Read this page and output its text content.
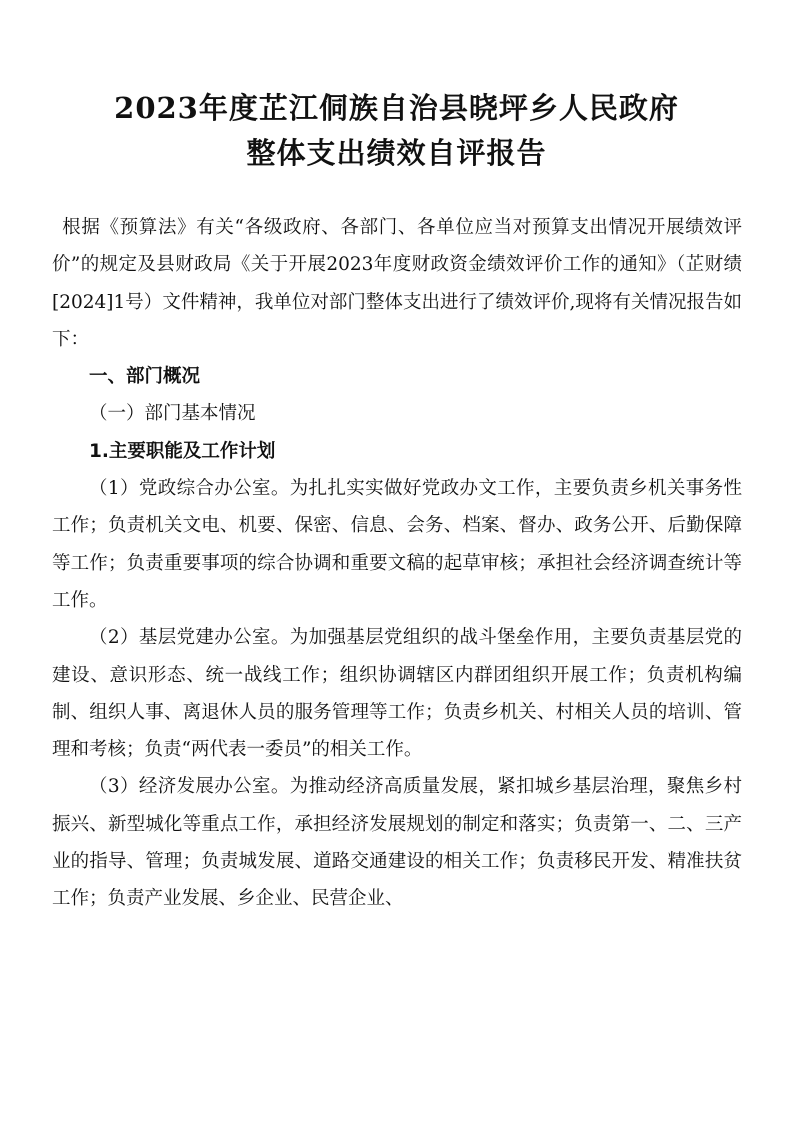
2023年度芷江侗族自治县晓坪乡人民政府
整体支出绩效自评报告

根据《预算法》有关“各级政府、各部门、各单位应当对预算支出情况开展绩效评价”的规定及县财政局《关于开展2023年度财政资金绩效评价工作的通知》（芷财绩[2024]1号）文件精神，我单位对部门整体支出进行了绩效评价,现将有关情况报告如下：

一、部门概况

（一）部门基本情况

1.主要职能及工作计划

（1）党政综合办公室。为扎扎实实做好党政办文工作，主要负责乡机关事务性工作；负责机关文电、机要、保密、信息、会务、档案、督办、政务公开、后勤保障等工作；负责重要事项的综合协调和重要文稿的起草审核；承担社会经济调查统计等工作。

（2）基层党建办公室。为加强基层党组织的战斗堡垒作用，主要负责基层党的建设、意识形态、统一战线工作；组织协调辖区内群团组织开展工作；负责机构编制、组织人事、离退休人员的服务管理等工作；负责乡机关、村相关人员的培训、管理和考核；负责“两代表一委员”的相关工作。

（3）经济发展办公室。为推动经济高质量发展，紧扣城乡基层治理，聚焦乡村振兴、新型城化等重点工作，承担经济发展规划的制定和落实；负责第一、二、三产业的指导、管理；负责城发展、道路交通建设的相关工作；负责移民开发、精准扶贫工作；负责产业发展、乡企业、民营企业、
